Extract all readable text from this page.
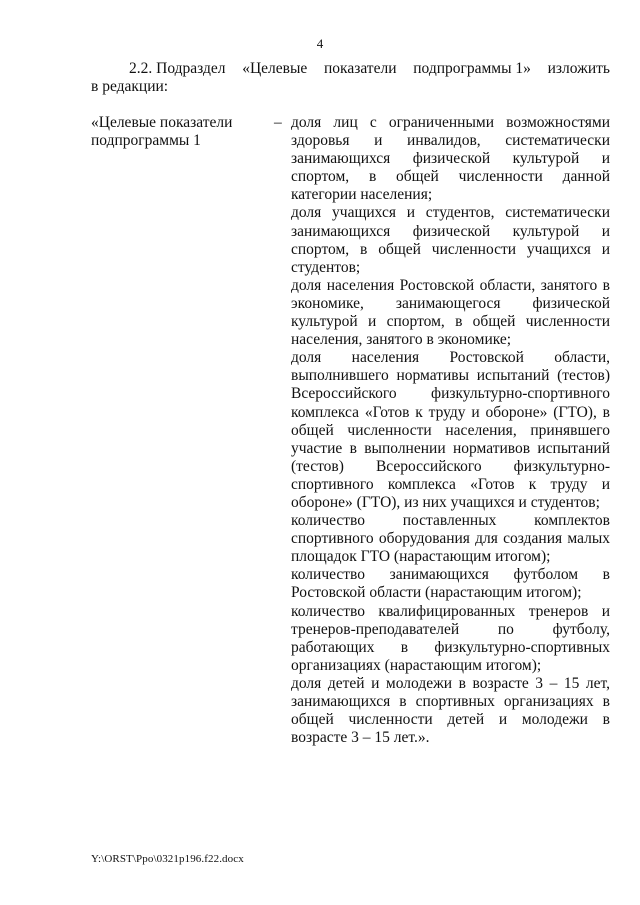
4
2.2. Подраздел «Целевые показатели подпрограммы 1» изложить
в редакции:
«Целевые показатели подпрограммы 1
– доля лиц с ограниченными возможностями здоровья и инвалидов, систематически занимающихся физической культурой и спортом, в общей численности данной категории населения;

доля учащихся и студентов, систематически занимающихся физической культурой и спортом, в общей численности учащихся и студентов;

доля населения Ростовской области, занятого в экономике, занимающегося физической культурой и спортом, в общей численности населения, занятого в экономике;

доля населения Ростовской области, выполнившего нормативы испытаний (тестов) Всероссийского физкультурно-спортивного комплекса «Готов к труду и обороне» (ГТО), в общей численности населения, принявшего участие в выполнении нормативов испытаний (тестов) Всероссийского физкультурно-спортивного комплекса «Готов к труду и обороне» (ГТО), из них учащихся и студентов;

количество поставленных комплектов спортивного оборудования для создания малых площадок ГТО (нарастающим итогом);

количество занимающихся футболом в Ростовской области (нарастающим итогом);

количество квалифицированных тренеров и тренеров-преподавателей по футболу, работающих в физкультурно-спортивных организациях (нарастающим итогом);

доля детей и молодежи в возрасте 3 – 15 лет, занимающихся в спортивных организациях в общей численности детей и молодежи в возрасте 3 – 15 лет.».

Y:\ORST\Ppo\0321p196.f22.docx
